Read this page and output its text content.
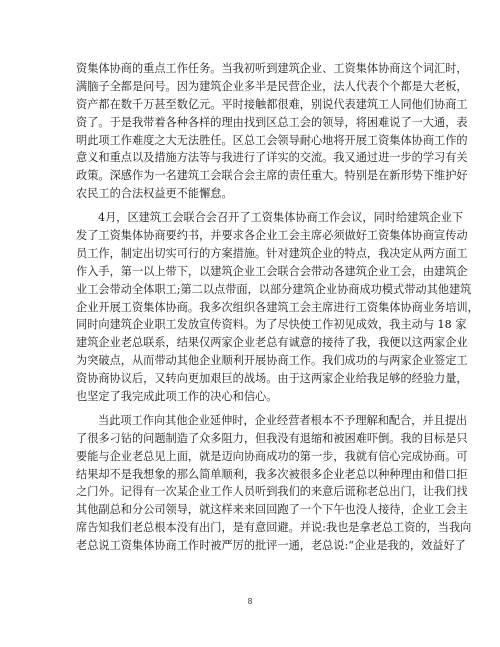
资集体协商的重点工作任务。当我初听到建筑企业、工资集体协商这个词汇时，
满脑子全都是问号。因为建筑企业多半是民营企业，法人代表个个都是大老板，
资产都在数千万甚至数亿元。平时接触都很难，别说代表建筑工人同他们协商工
资了。于是我带着各种各样的理由找到区总工会的领导，将困难说了一大通，表
明此项工作难度之大无法胜任。区总工会领导耐心地将开展工资集体协商工作的
意义和重点以及措施方法等与我进行了详实的交流。我又通过进一步的学习有关
政策。深感作为一名建筑工会联合会主席的责任重大。特别是在新形势下维护好
农民工的合法权益更不能懈怠。
4月，区建筑工会联合会召开了工资集体协商工作会议，同时给建筑企业下
发了工资集体协商要约书，并要求各企业工会主席必须做好工资集体协商宣传动
员工作，制定出切实可行的方案措施。针对建筑企业的特点，我决定从两方面工
作入手，第一以上带下，以建筑企业工会联合会带动各建筑企业工会，由建筑企
业工会带动全体职工;第二以点带面，以部分建筑企业协商成功模式带动其他建筑
企业开展工资集体协商。我多次组织各建筑工会主席进行工资集体协商业务培训，
同时向建筑企业职工发放宣传资料。为了尽快使工作初见成效，我主动与 18 家
建筑企业老总联系，结果仅两家企业老总有诚意的接待了我，我便以这两家企业
为突破点，从而带动其他企业顺利开展协商工作。我们成功的与两家企业签定工
资协商协议后，又转向更加艰巨的战场。由于这两家企业给我足够的经验力量，
也坚定了我完成此项工作的决心和信心。
当此项工作向其他企业延伸时，企业经营者根本不予理解和配合，并且提出
了很多刁钻的问题制造了众多阻力，但我没有退缩和被困难吓倒。我的目标是只
要能与企业老总见上面，就是迈向协商成功的第一步，我就有信心完成协商。可
结果却不是我想象的那么简单顺利，我多次被很多企业老总以种种理由和借口拒
之门外。记得有一次某企业工作人员听到我们的来意后谎称老总出门，让我们找
其他副总和分公司领导，就这样来来回回跑了一个下午也没人接待，企业工会主
席告知我们老总根本没有出门，是有意回避。并说:我也是拿老总工资的，当我向
老总说工资集体协商工作时被严厉的批评一通，老总说:“企业是我的，效益好了
8
